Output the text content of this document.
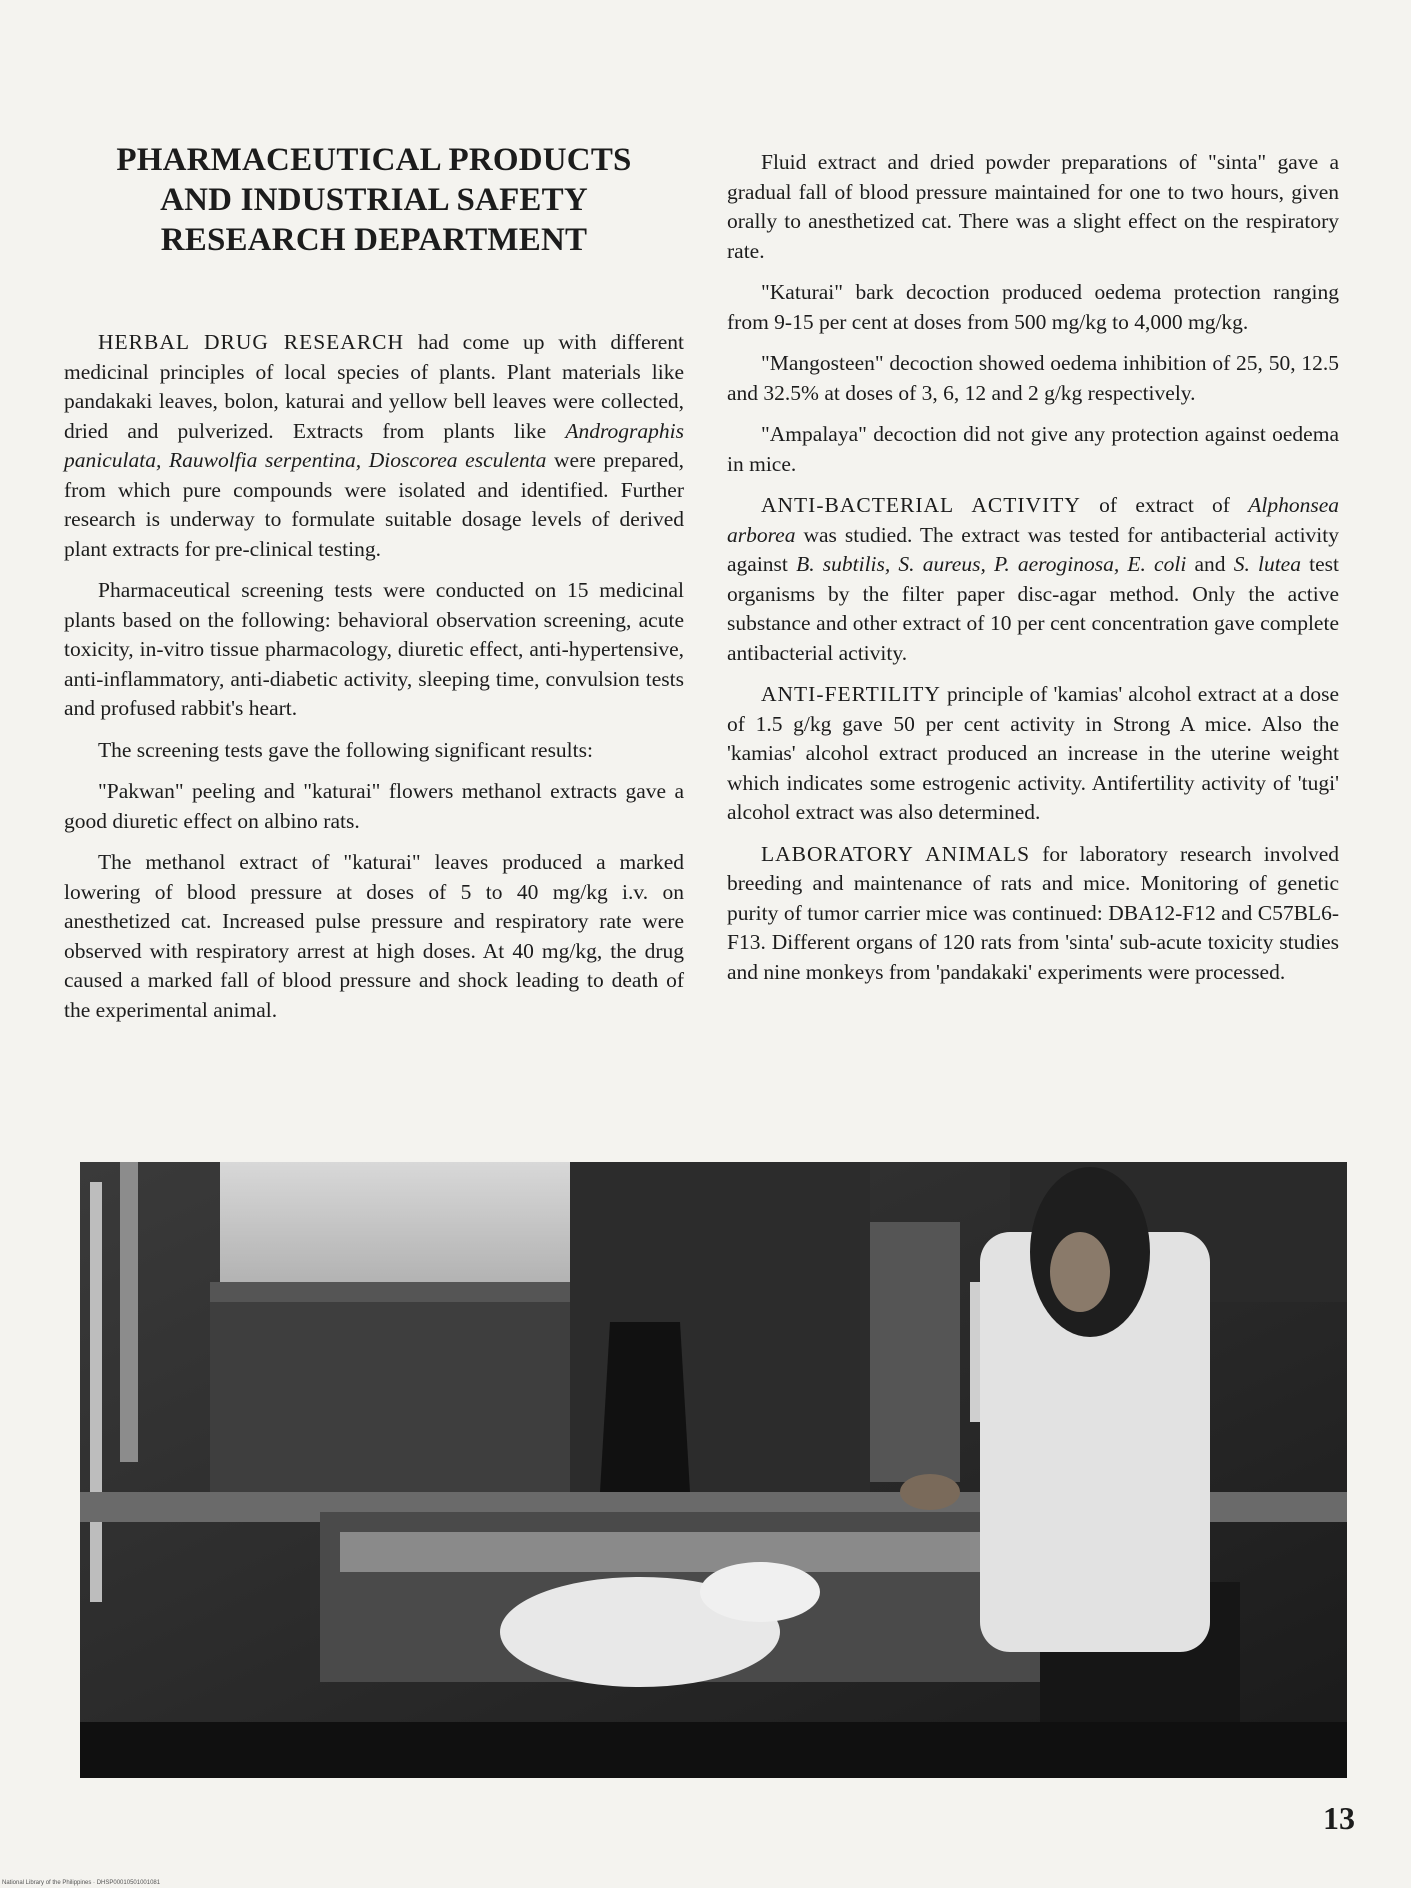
PHARMACEUTICAL PRODUCTS
AND INDUSTRIAL SAFETY
RESEARCH DEPARTMENT

HERBAL DRUG RESEARCH had come up with different medicinal principles of local species of plants. Plant materials like pandakaki leaves, bolon, katurai and yellow bell leaves were collected, dried and pulverized. Extracts from plants like Andrographis paniculata, Rauwolfia serpentina, Dioscorea esculenta were prepared, from which pure compounds were isolated and identified. Further research is underway to formulate suitable dosage levels of derived plant extracts for pre-clinical testing.

Pharmaceutical screening tests were conducted on 15 medicinal plants based on the following: behavioral observation screening, acute toxicity, in-vitro tissue pharmacology, diuretic effect, anti-hypertensive, anti-inflammatory, anti-diabetic activity, sleeping time, convulsion tests and profused rabbit's heart.

The screening tests gave the following significant results:

"Pakwan" peeling and "katurai" flowers methanol extracts gave a good diuretic effect on albino rats.

The methanol extract of "katurai" leaves produced a marked lowering of blood pressure at doses of 5 to 40 mg/kg i.v. on anesthetized cat. Increased pulse pressure and respiratory rate were observed with respiratory arrest at high doses. At 40 mg/kg, the drug caused a marked fall of blood pressure and shock leading to death of the experimental animal.

Fluid extract and dried powder preparations of "sinta" gave a gradual fall of blood pressure maintained for one to two hours, given orally to anesthetized cat. There was a slight effect on the respiratory rate.

"Katurai" bark decoction produced oedema protection ranging from 9-15 per cent at doses from 500 mg/kg to 4,000 mg/kg.

"Mangosteen" decoction showed oedema inhibition of 25, 50, 12.5 and 32.5% at doses of 3, 6, 12 and 2 g/kg respectively.

"Ampalaya" decoction did not give any protection against oedema in mice.

ANTI-BACTERIAL ACTIVITY of extract of Alphonsea arborea was studied. The extract was tested for antibacterial activity against B. subtilis, S. aureus, P. aeroginosa, E. coli and S. lutea test organisms by the filter paper disc-agar method. Only the active substance and other extract of 10 per cent concentration gave complete antibacterial activity.

ANTI-FERTILITY principle of 'kamias' alcohol extract at a dose of 1.5 g/kg gave 50 per cent activity in Strong A mice. Also the 'kamias' alcohol extract produced an increase in the uterine weight which indicates some estrogenic activity. Antifertility activity of 'tugi' alcohol extract was also determined.

LABORATORY ANIMALS for laboratory research involved breeding and maintenance of rats and mice. Monitoring of genetic purity of tumor carrier mice was continued: DBA12-F12 and C57BL6-F13. Different organs of 120 rats from 'sinta' sub-acute toxicity studies and nine monkeys from 'pandakaki' experiments were processed.

13
National Library of the Philippines · DHSP00010501001081
